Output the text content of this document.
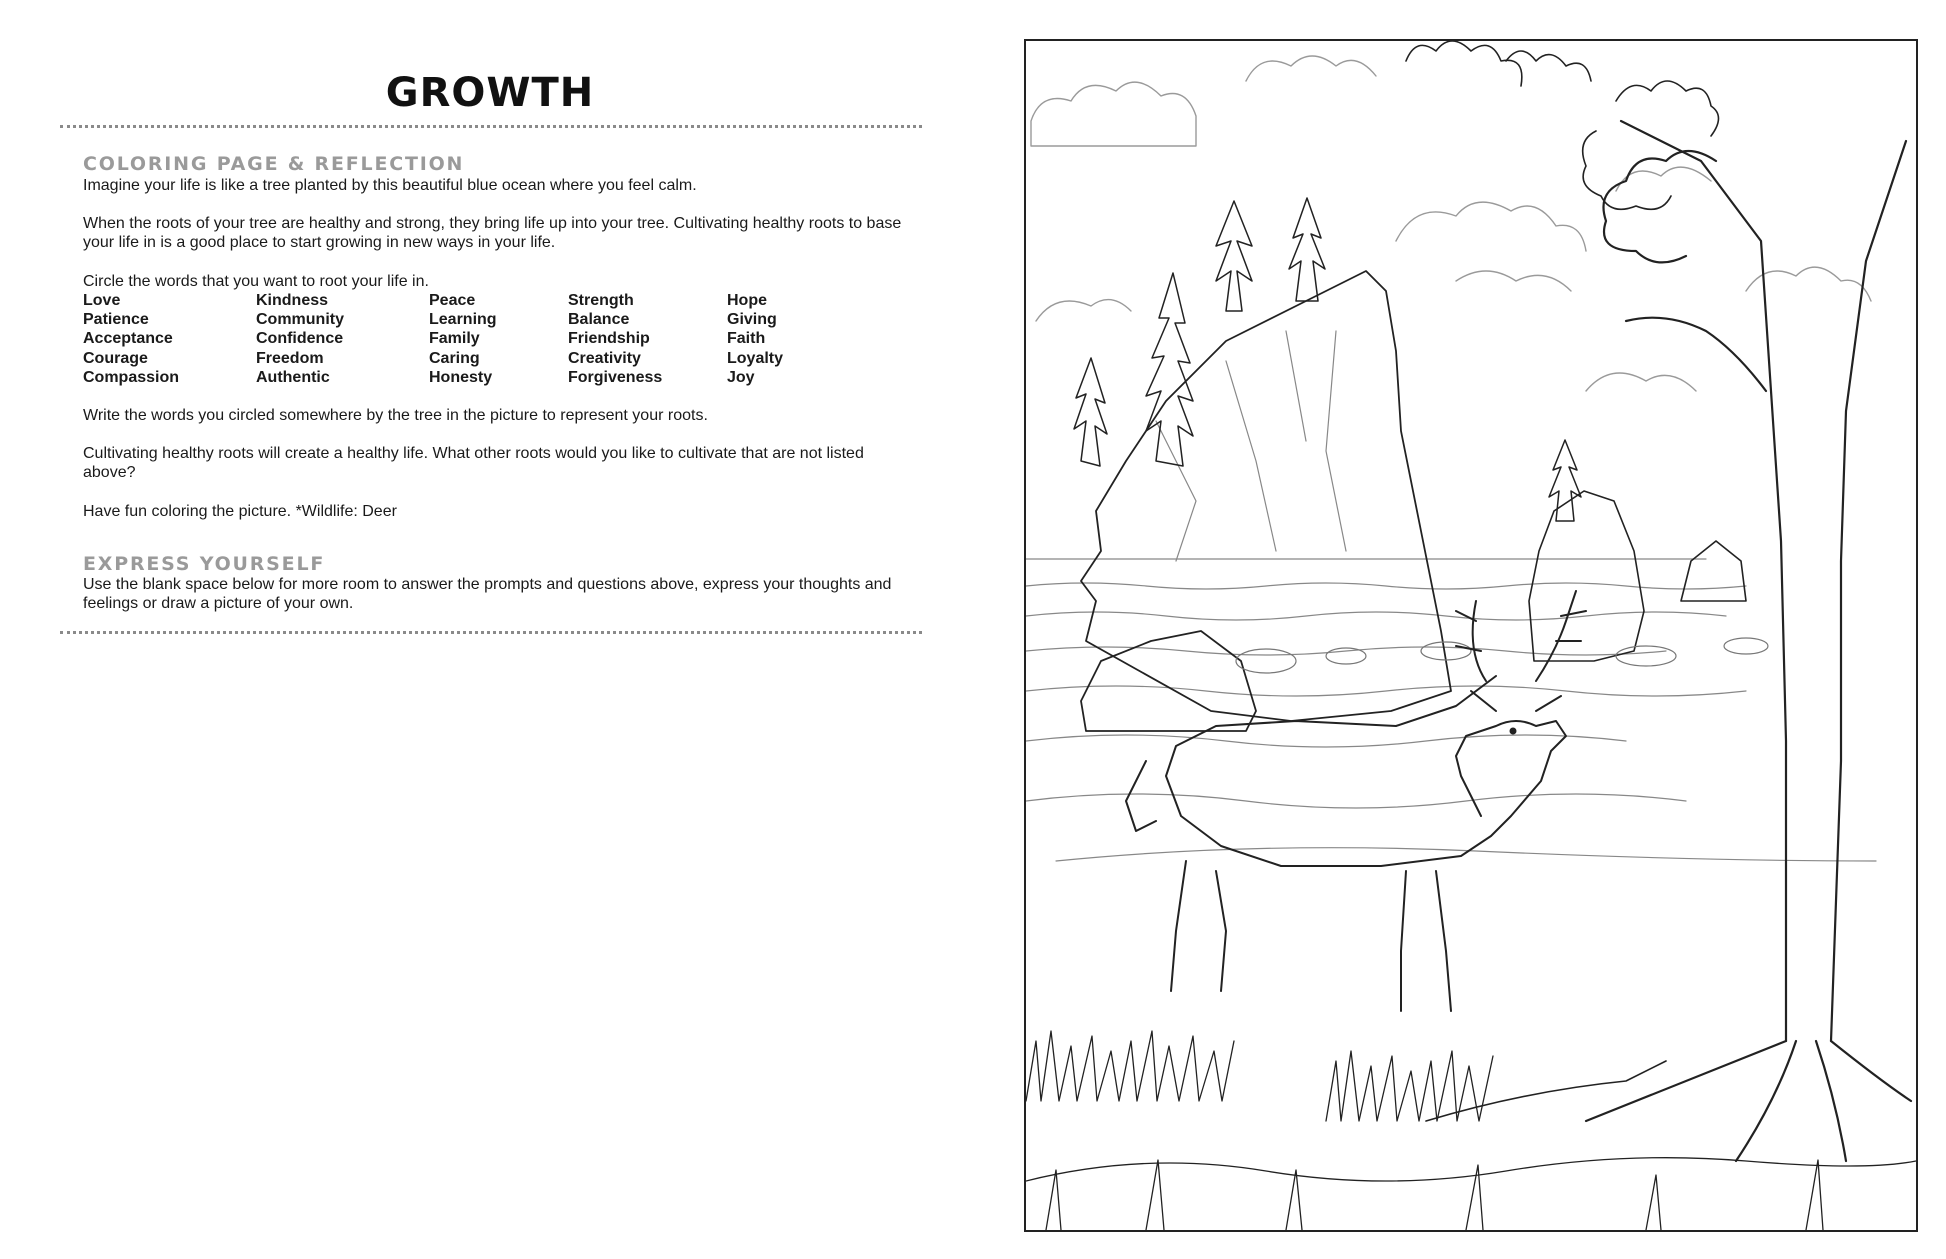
GROWTH
COLORING PAGE & REFLECTION

Imagine your life is like a tree planted by this beautiful blue ocean where you feel calm.

When the roots of your tree are healthy and strong, they bring life up into your tree. Cultivating healthy roots to base your life in is a good place to start growing in new ways in your life.

Circle the words that you want to root your life in.

Love	Kindness	Peace	Strength	Hope
Patience	Community	Learning	Balance	Giving
Acceptance	Confidence	Family	Friendship	Faith
Courage	Freedom	Caring	Creativity	Loyalty
Compassion	Authentic	Honesty	Forgiveness	Joy

Write the words you circled somewhere by the tree in the picture to represent your roots.

Cultivating healthy roots will create a healthy life. What other roots would you like to cultivate that are not listed above?

Have fun coloring the picture. *Wildlife: Deer

EXPRESS YOURSELF

Use the blank space below for more room to answer the prompts and questions above, express your thoughts and feelings or draw a picture of your own.
